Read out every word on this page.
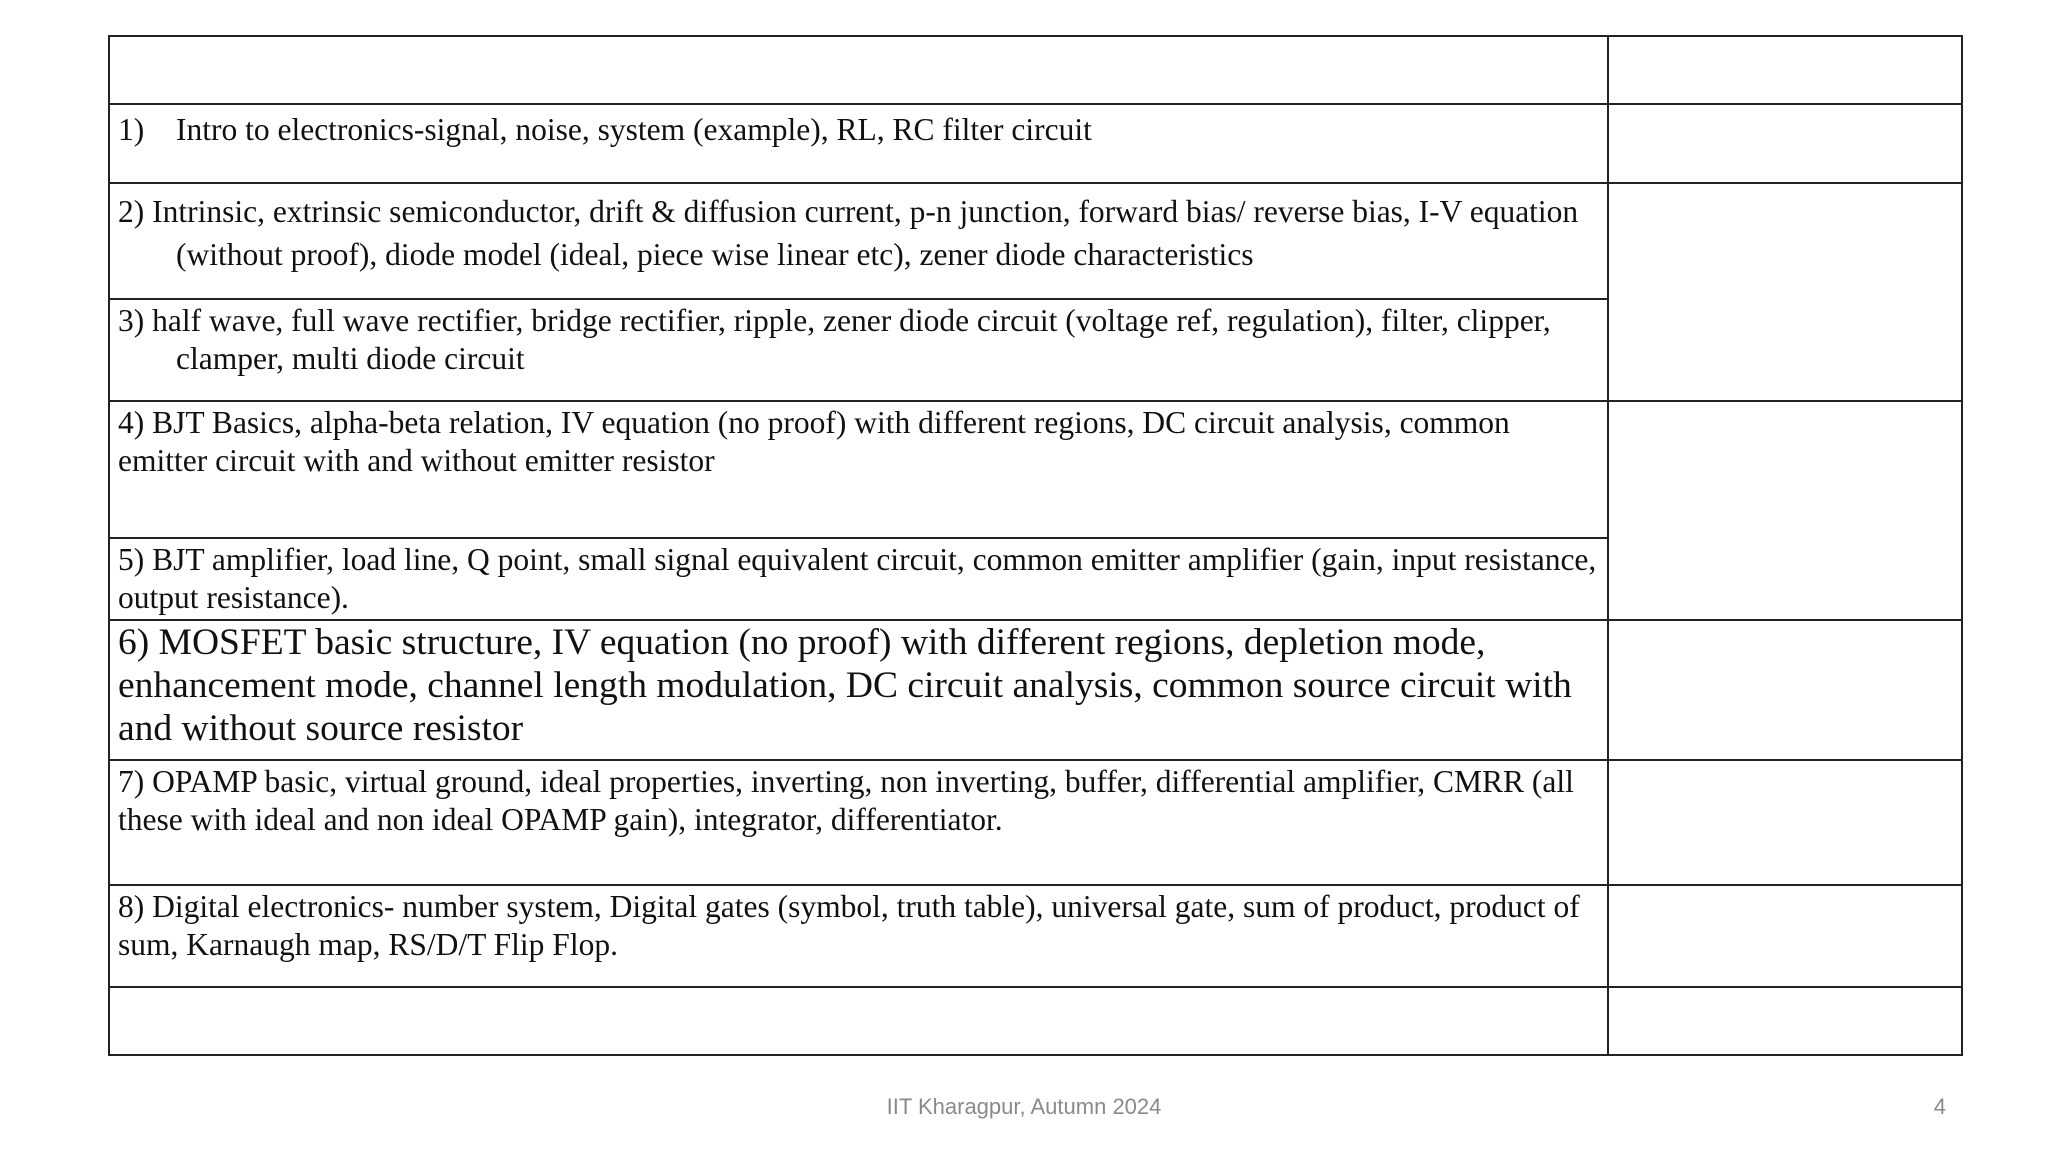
1) Intro to electronics-signal, noise, system (example), RL, RC filter circuit	

2) Intrinsic, extrinsic semiconductor, drift & diffusion current, p-n junction, forward bias/ reverse bias, I-V equation (without proof), diode model (ideal, piece wise linear etc), zener diode characteristics	

3) half wave, full wave rectifier, bridge rectifier, ripple, zener diode circuit (voltage ref, regulation), filter, clipper, clamper, multi diode circuit	

4) BJT Basics, alpha-beta relation, IV equation (no proof) with different regions, DC circuit analysis, common emitter circuit with and without emitter resistor	

5) BJT amplifier, load line, Q point, small signal equivalent circuit, common emitter amplifier (gain, input resistance, output resistance).	

6) MOSFET basic structure, IV equation (no proof) with different regions, depletion mode, enhancement mode, channel length modulation, DC circuit analysis, common source circuit with and without source resistor	

7) OPAMP basic, virtual ground, ideal properties, inverting, non inverting, buffer, differential amplifier, CMRR (all these with ideal and non ideal OPAMP gain), integrator, differentiator.	

8) Digital electronics- number system, Digital gates (symbol, truth table), universal gate, sum of product, product of sum, Karnaugh map, RS/D/T Flip Flop.	

IIT Kharagpur, Autumn 2024	4
